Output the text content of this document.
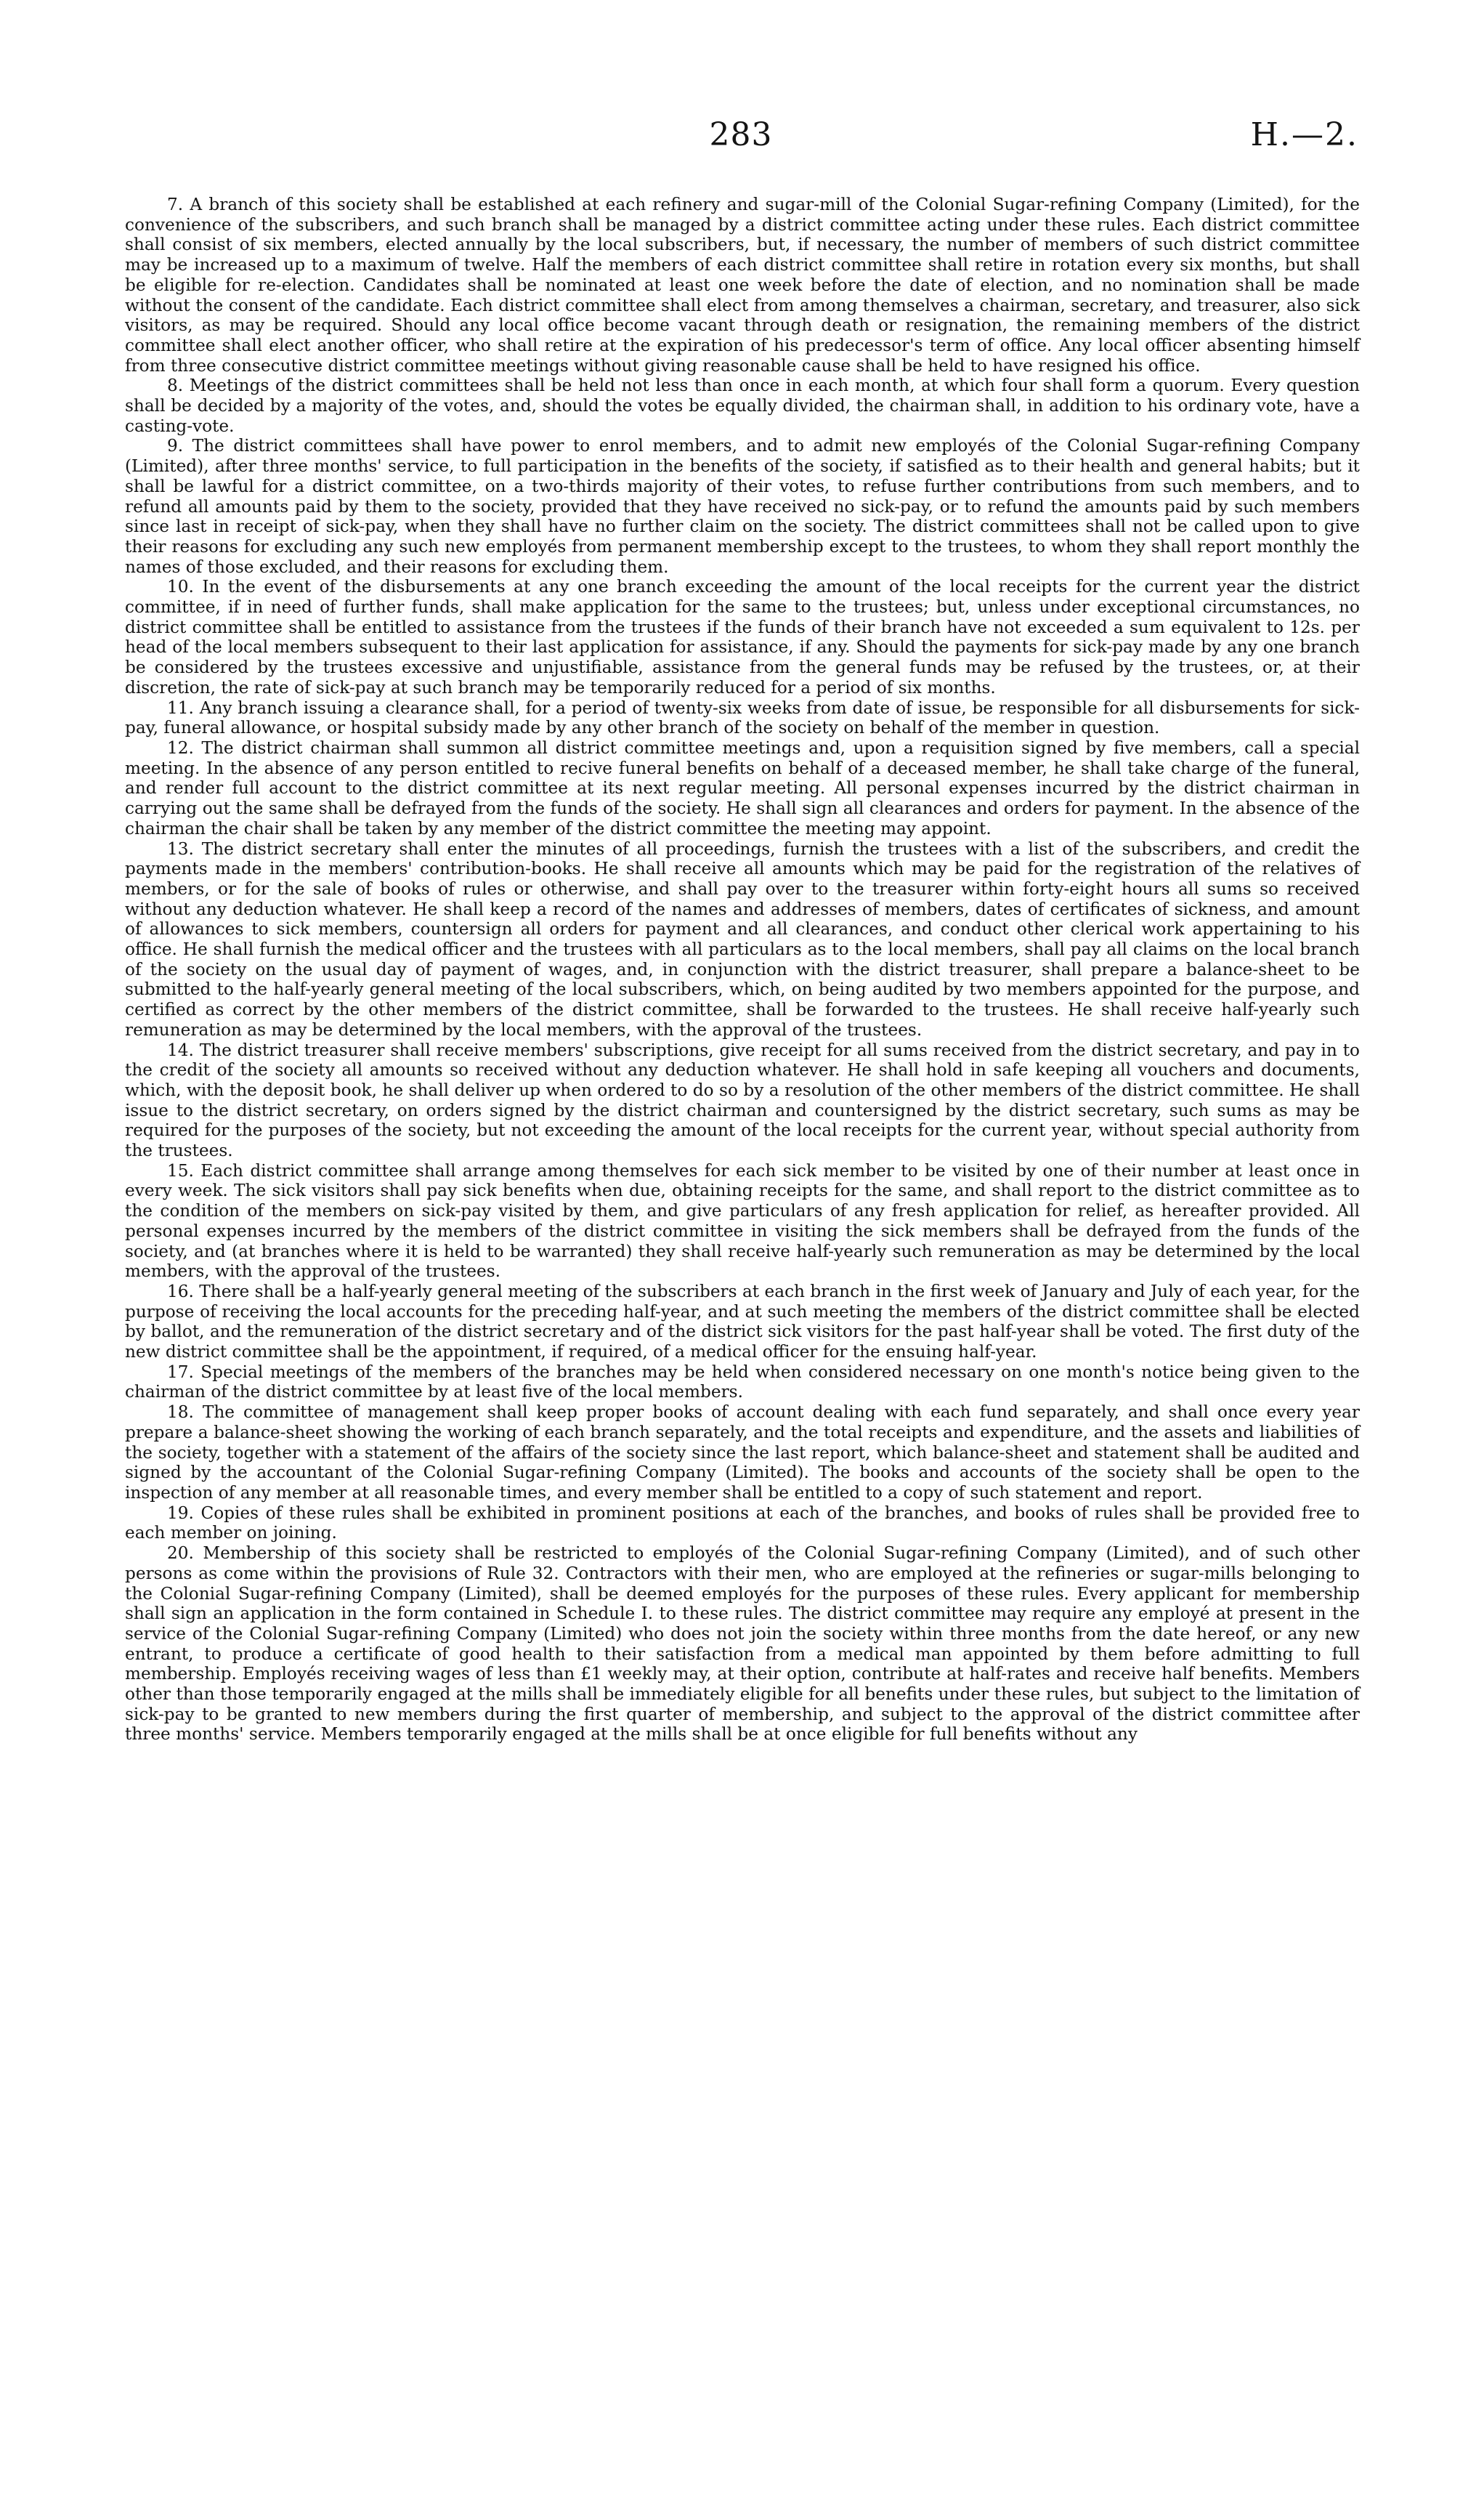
283	H.—2.

7. A branch of this society shall be established at each refinery and sugar-mill of the Colonial Sugar-refining Company (Limited), for the convenience of the subscribers, and such branch shall be managed by a district committee acting under these rules. Each district committee shall consist of six members, elected annually by the local subscribers, but, if necessary, the number of members of such district committee may be increased up to a maximum of twelve. Half the members of each district committee shall retire in rotation every six months, but shall be eligible for re-election. Candidates shall be nominated at least one week before the date of election, and no nomination shall be made without the consent of the candidate. Each district committee shall elect from among themselves a chairman, secretary, and treasurer, also sick visitors, as may be required. Should any local office become vacant through death or resignation, the remaining members of the district committee shall elect another officer, who shall retire at the expiration of his predecessor's term of office. Any local officer absenting himself from three consecutive district committee meetings without giving reasonable cause shall be held to have resigned his office.

8. Meetings of the district committees shall be held not less than once in each month, at which four shall form a quorum. Every question shall be decided by a majority of the votes, and, should the votes be equally divided, the chairman shall, in addition to his ordinary vote, have a casting-vote.

9. The district committees shall have power to enrol members, and to admit new employés of the Colonial Sugar-refining Company (Limited), after three months' service, to full participation in the benefits of the society, if satisfied as to their health and general habits; but it shall be lawful for a district committee, on a two-thirds majority of their votes, to refuse further contributions from such members, and to refund all amounts paid by them to the society, provided that they have received no sick-pay, or to refund the amounts paid by such members since last in receipt of sick-pay, when they shall have no further claim on the society. The district committees shall not be called upon to give their reasons for excluding any such new employés from permanent membership except to the trustees, to whom they shall report monthly the names of those excluded, and their reasons for excluding them.

10. In the event of the disbursements at any one branch exceeding the amount of the local receipts for the current year the district committee, if in need of further funds, shall make application for the same to the trustees; but, unless under exceptional circumstances, no district committee shall be entitled to assistance from the trustees if the funds of their branch have not exceeded a sum equivalent to 12s. per head of the local members subsequent to their last application for assistance, if any. Should the payments for sick-pay made by any one branch be considered by the trustees excessive and unjustifiable, assistance from the general funds may be refused by the trustees, or, at their discretion, the rate of sick-pay at such branch may be temporarily reduced for a period of six months.

11. Any branch issuing a clearance shall, for a period of twenty-six weeks from date of issue, be responsible for all disbursements for sick-pay, funeral allowance, or hospital subsidy made by any other branch of the society on behalf of the member in question.

12. The district chairman shall summon all district committee meetings and, upon a requisition signed by five members, call a special meeting. In the absence of any person entitled to recive funeral benefits on behalf of a deceased member, he shall take charge of the funeral, and render full account to the district committee at its next regular meeting. All personal expenses incurred by the district chairman in carrying out the same shall be defrayed from the funds of the society. He shall sign all clearances and orders for payment. In the absence of the chairman the chair shall be taken by any member of the district committee the meeting may appoint.

13. The district secretary shall enter the minutes of all proceedings, furnish the trustees with a list of the subscribers, and credit the payments made in the members' contribution-books. He shall receive all amounts which may be paid for the registration of the relatives of members, or for the sale of books of rules or otherwise, and shall pay over to the treasurer within forty-eight hours all sums so received without any deduction whatever. He shall keep a record of the names and addresses of members, dates of certificates of sickness, and amount of allowances to sick members, countersign all orders for payment and all clearances, and conduct other clerical work appertaining to his office. He shall furnish the medical officer and the trustees with all particulars as to the local members, shall pay all claims on the local branch of the society on the usual day of payment of wages, and, in conjunction with the district treasurer, shall prepare a balance-sheet to be submitted to the half-yearly general meeting of the local subscribers, which, on being audited by two members appointed for the purpose, and certified as correct by the other members of the district committee, shall be forwarded to the trustees. He shall receive half-yearly such remuneration as may be determined by the local members, with the approval of the trustees.

14. The district treasurer shall receive members' subscriptions, give receipt for all sums received from the district secretary, and pay in to the credit of the society all amounts so received without any deduction whatever. He shall hold in safe keeping all vouchers and documents, which, with the deposit book, he shall deliver up when ordered to do so by a resolution of the other members of the district committee. He shall issue to the district secretary, on orders signed by the district chairman and countersigned by the district secretary, such sums as may be required for the purposes of the society, but not exceeding the amount of the local receipts for the current year, without special authority from the trustees.

15. Each district committee shall arrange among themselves for each sick member to be visited by one of their number at least once in every week. The sick visitors shall pay sick benefits when due, obtaining receipts for the same, and shall report to the district committee as to the condition of the members on sick-pay visited by them, and give particulars of any fresh application for relief, as hereafter provided. All personal expenses incurred by the members of the district committee in visiting the sick members shall be defrayed from the funds of the society, and (at branches where it is held to be warranted) they shall receive half-yearly such remuneration as may be determined by the local members, with the approval of the trustees.

16. There shall be a half-yearly general meeting of the subscribers at each branch in the first week of January and July of each year, for the purpose of receiving the local accounts for the preceding half-year, and at such meeting the members of the district committee shall be elected by ballot, and the remuneration of the district secretary and of the district sick visitors for the past half-year shall be voted. The first duty of the new district committee shall be the appointment, if required, of a medical officer for the ensuing half-year.

17. Special meetings of the members of the branches may be held when considered necessary on one month's notice being given to the chairman of the district committee by at least five of the local members.

18. The committee of management shall keep proper books of account dealing with each fund separately, and shall once every year prepare a balance-sheet showing the working of each branch separately, and the total receipts and expenditure, and the assets and liabilities of the society, together with a statement of the affairs of the society since the last report, which balance-sheet and statement shall be audited and signed by the accountant of the Colonial Sugar-refining Company (Limited). The books and accounts of the society shall be open to the inspection of any member at all reasonable times, and every member shall be entitled to a copy of such statement and report.

19. Copies of these rules shall be exhibited in prominent positions at each of the branches, and books of rules shall be provided free to each member on joining.

20. Membership of this society shall be restricted to employés of the Colonial Sugar-refining Company (Limited), and of such other persons as come within the provisions of Rule 32. Contractors with their men, who are employed at the refineries or sugar-mills belonging to the Colonial Sugar-refining Company (Limited), shall be deemed employés for the purposes of these rules. Every applicant for membership shall sign an application in the form contained in Schedule I. to these rules. The district committee may require any employé at present in the service of the Colonial Sugar-refining Company (Limited) who does not join the society within three months from the date hereof, or any new entrant, to produce a certificate of good health to their satisfaction from a medical man appointed by them before admitting to full membership. Employés receiving wages of less than £1 weekly may, at their option, contribute at half-rates and receive half benefits. Members other than those temporarily engaged at the mills shall be immediately eligible for all benefits under these rules, but subject to the limitation of sick-pay to be granted to new members during the first quarter of membership, and subject to the approval of the district committee after three months' service. Members temporarily engaged at the mills shall be at once eligible for full benefits without any
